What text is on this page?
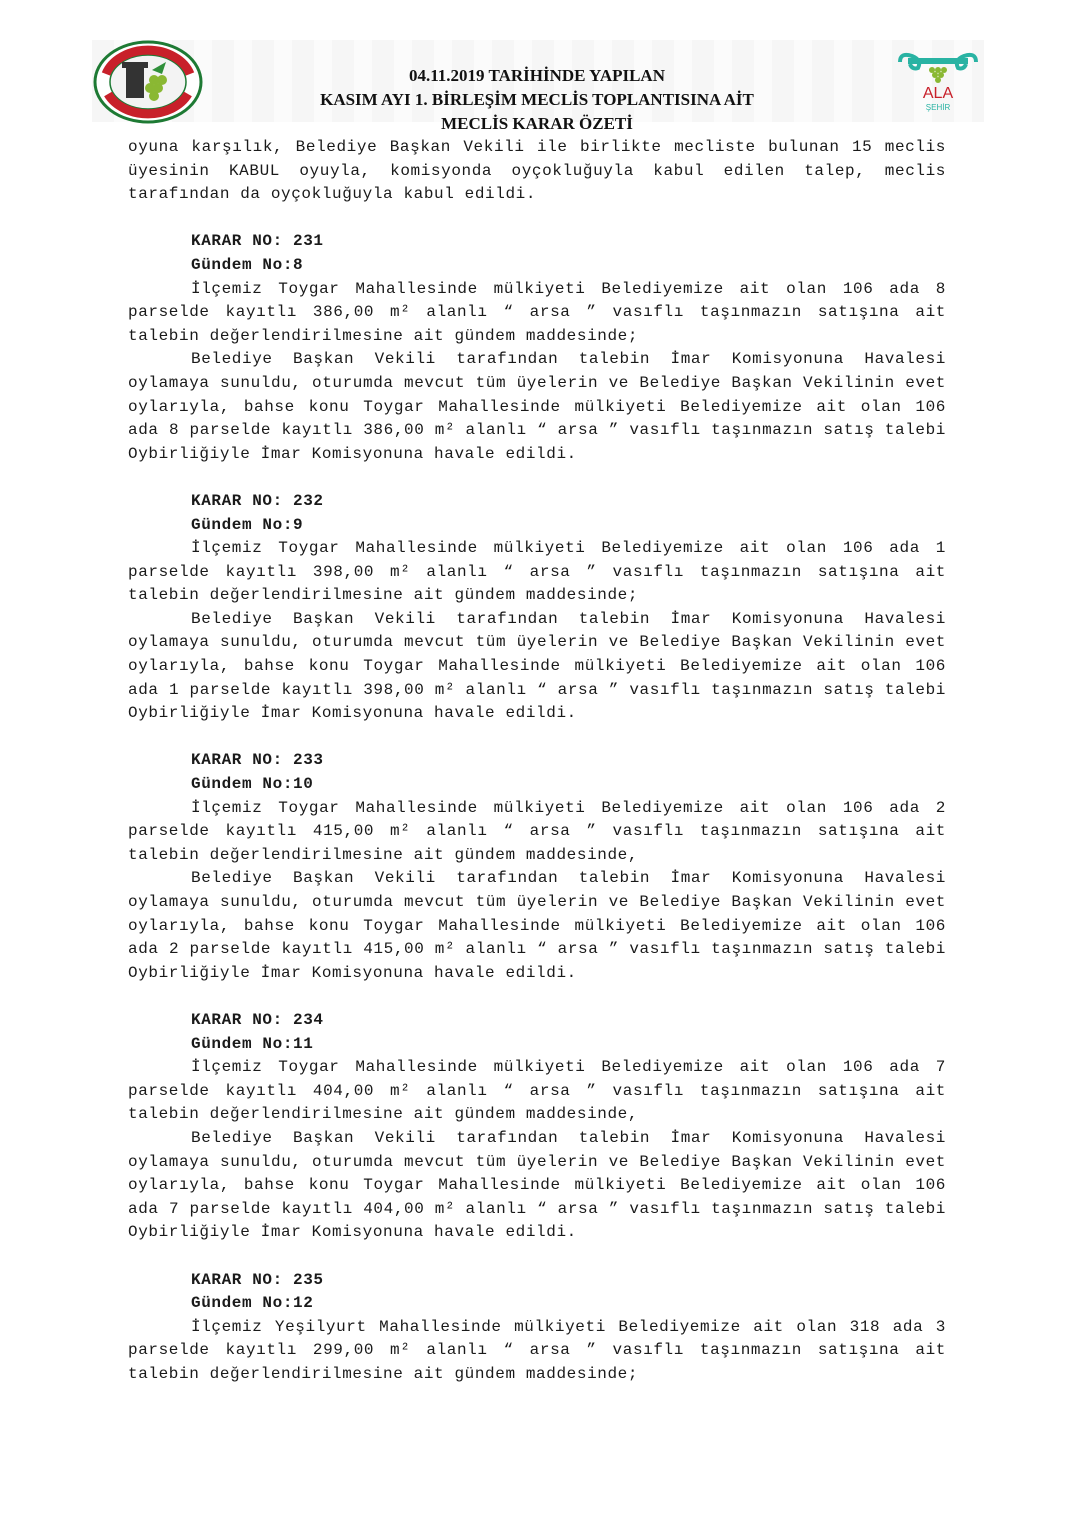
ALA
ŞEHİR
04.11.2019 TARİHİNDE YAPILAN
KASIM AYI 1. BİRLEŞİM MECLİS TOPLANTISINA AİT
MECLİS KARAR ÖZETİ

oyuna karşılık, Belediye Başkan Vekili ile birlikte mecliste bulunan 15 meclis üyesinin KABUL oyuyla, komisyonda oyçokluğuyla kabul edilen talep, meclis tarafından da oyçokluğuyla kabul edildi.

KARAR NO: 231
Gündem No:8

İlçemiz Toygar Mahallesinde mülkiyeti Belediyemize ait olan 106 ada 8 parselde kayıtlı 386,00 m² alanlı “ arsa ” vasıflı taşınmazın satışına ait talebin değerlendirilmesine ait gündem maddesinde;

Belediye Başkan Vekili tarafından talebin İmar Komisyonuna Havalesi oylamaya sunuldu, oturumda mevcut tüm üyelerin ve Belediye Başkan Vekilinin evet oylarıyla, bahse konu Toygar Mahallesinde mülkiyeti Belediyemize ait olan 106 ada 8 parselde kayıtlı 386,00 m² alanlı “ arsa ” vasıflı taşınmazın satış talebi Oybirliğiyle İmar Komisyonuna havale edildi.

KARAR NO: 232
Gündem No:9

İlçemiz Toygar Mahallesinde mülkiyeti Belediyemize ait olan 106 ada 1 parselde kayıtlı 398,00 m² alanlı “ arsa ” vasıflı taşınmazın satışına ait talebin değerlendirilmesine ait gündem maddesinde;

Belediye Başkan Vekili tarafından talebin İmar Komisyonuna Havalesi oylamaya sunuldu, oturumda mevcut tüm üyelerin ve Belediye Başkan Vekilinin evet oylarıyla, bahse konu Toygar Mahallesinde mülkiyeti Belediyemize ait olan 106 ada 1 parselde kayıtlı 398,00 m² alanlı “ arsa ” vasıflı taşınmazın satış talebi Oybirliğiyle İmar Komisyonuna havale edildi.

KARAR NO: 233
Gündem No:10

İlçemiz Toygar Mahallesinde mülkiyeti Belediyemize ait olan 106 ada 2 parselde kayıtlı 415,00 m² alanlı “ arsa ” vasıflı taşınmazın satışına ait talebin değerlendirilmesine ait gündem maddesinde,

Belediye Başkan Vekili tarafından talebin İmar Komisyonuna Havalesi oylamaya sunuldu, oturumda mevcut tüm üyelerin ve Belediye Başkan Vekilinin evet oylarıyla, bahse konu Toygar Mahallesinde mülkiyeti Belediyemize ait olan 106 ada 2 parselde kayıtlı 415,00 m² alanlı “ arsa ” vasıflı taşınmazın satış talebi Oybirliğiyle İmar Komisyonuna havale edildi.

KARAR NO: 234
Gündem No:11

İlçemiz Toygar Mahallesinde mülkiyeti Belediyemize ait olan 106 ada 7 parselde kayıtlı 404,00 m² alanlı “ arsa ” vasıflı taşınmazın satışına ait talebin değerlendirilmesine ait gündem maddesinde,

Belediye Başkan Vekili tarafından talebin İmar Komisyonuna Havalesi oylamaya sunuldu, oturumda mevcut tüm üyelerin ve Belediye Başkan Vekilinin evet oylarıyla, bahse konu Toygar Mahallesinde mülkiyeti Belediyemize ait olan 106 ada 7 parselde kayıtlı 404,00 m² alanlı “ arsa ” vasıflı taşınmazın satış talebi Oybirliğiyle İmar Komisyonuna havale edildi.

KARAR NO: 235
Gündem No:12

İlçemiz Yeşilyurt Mahallesinde mülkiyeti Belediyemize ait olan 318 ada 3 parselde kayıtlı 299,00 m² alanlı “ arsa ” vasıflı taşınmazın satışına ait talebin değerlendirilmesine ait gündem maddesinde;
